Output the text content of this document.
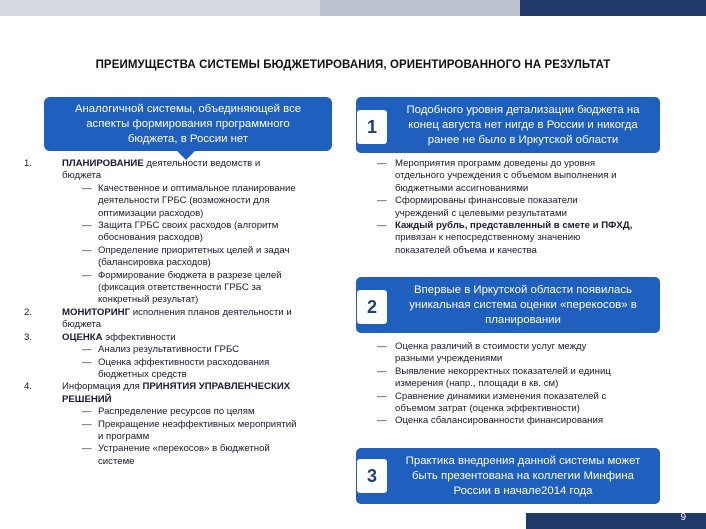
ПРЕИМУЩЕСТВА СИСТЕМЫ БЮДЖЕТИРОВАНИЯ, ОРИЕНТИРОВАННОГО НА РЕЗУЛЬТАТ
Аналогичной системы, объединяющей все
аспекты формирования программного
бюджета, в России нет
1.	ПЛАНИРОВАНИЕ деятельности ведомств и
бюджета
— Качественное и оптимальное планирование
деятельности ГРБС (возможности для
оптимизации расходов)
— Защита ГРБС своих расходов (алгоритм
обоснования расходов)
— Определение приоритетных целей и задач
(балансировка расходов)
— Формирование бюджета в разрезе целей
(фиксация ответственности ГРБС за
конкретный результат)
2.	МОНИТОРИНГ исполнения планов деятельности и
бюджета
3.	ОЦЕНКА эффективности
— Анализ результативности ГРБС
— Оценка эффективности расходования
бюджетных средств
4.	Информация для ПРИНЯТИЯ УПРАВЛЕНЧЕСКИХ
РЕШЕНИЙ
— Распределение ресурсов по целям
— Прекращение неэффективных мероприятий
и программ
— Устранение «перекосов» в бюджетной
системе
Подобного уровня детализации бюджета на
конец августа нет нигде в России и никогда
ранее не было в Иркутской области
1
— Мероприятия программ доведены до уровня
отдельного учреждения с объемом выполнения и
бюджетными ассигнованиями
— Сформированы финансовые показатели
учреждений с целевыми результатами
— Каждый рубль, представленный в смете и ПФХД,
привязан к непосредственному значению
показателей объема и качества
Впервые в Иркутской области появилась
уникальная система оценки «перекосов» в
планировании
2
— Оценка различий в стоимости услуг между
разными учреждениями
— Выявление некорректных показателей и единиц
измерения (напр., площади в кв. см)
— Сравнение динамики изменения показателей с
объемом затрат (оценка эффективности)
— Оценка сбалансированности финансирования
Практика внедрения данной системы может
быть презентована на коллегии Минфина
России в начале2014 года
3
9
